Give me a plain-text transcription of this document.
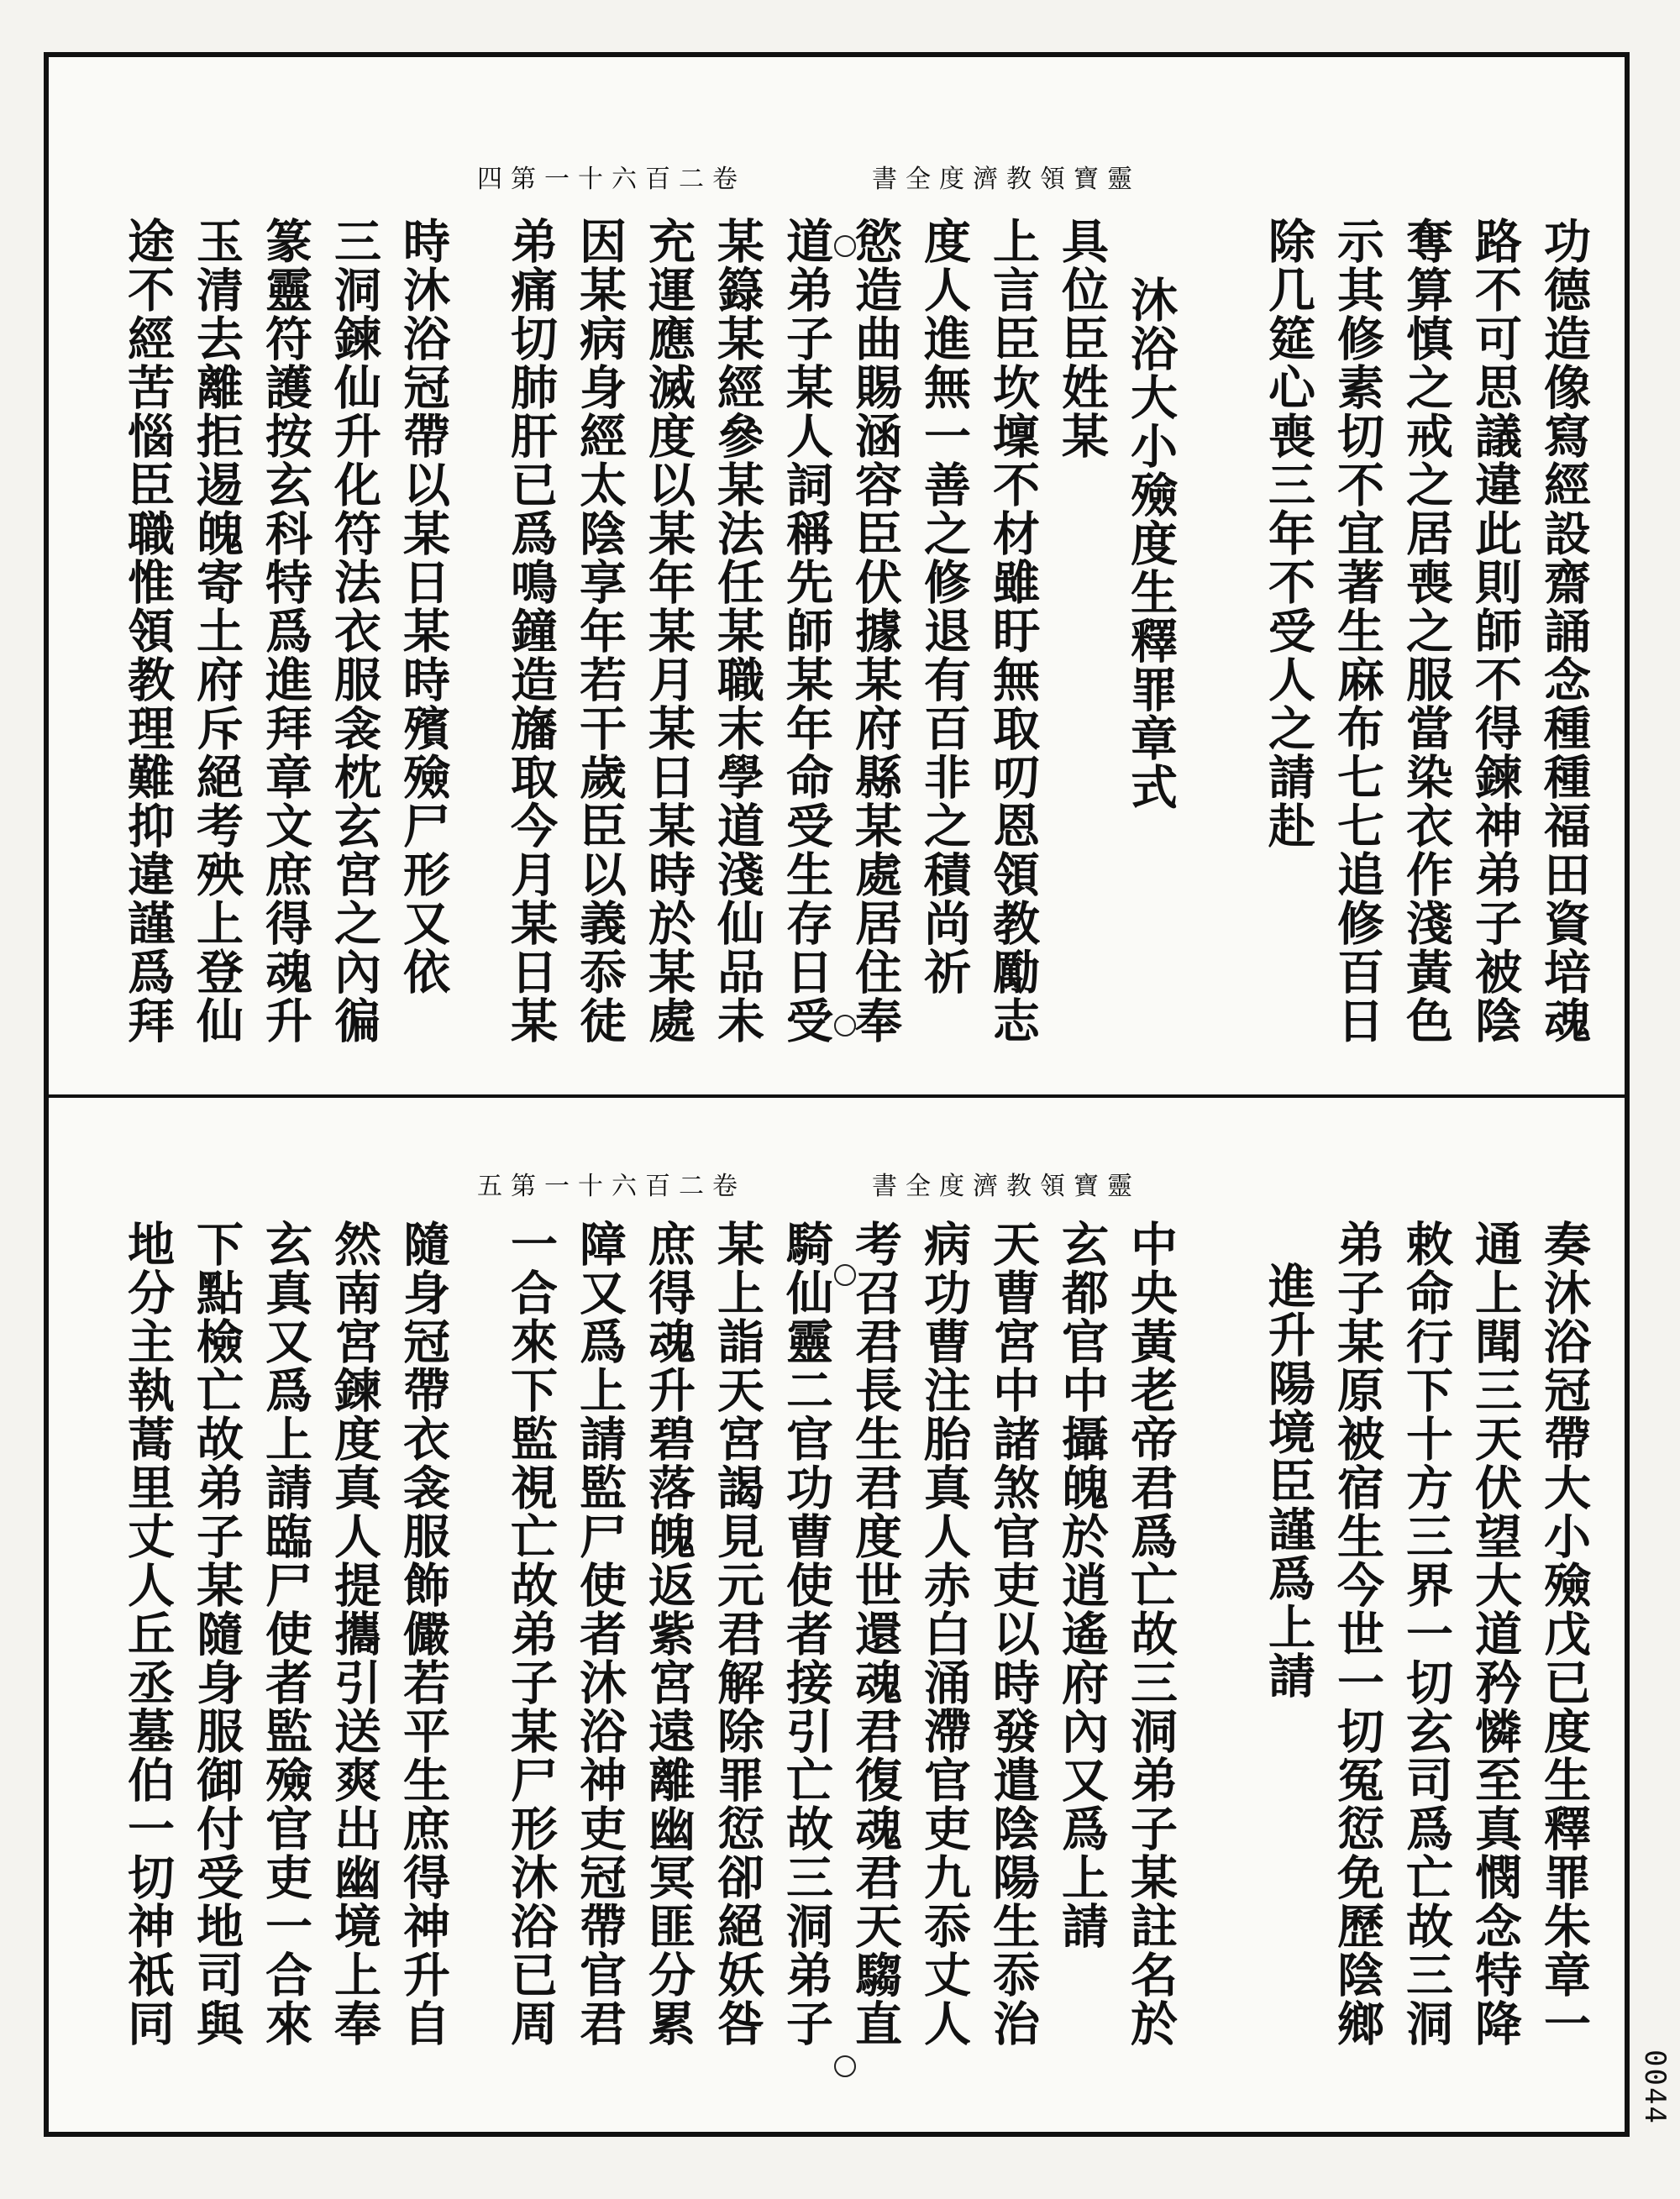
四第一十六百二卷	書全度濟教領寶靈
功德造像寫經設齋誦念種種福田資培魂
路不可思議違此則師不得鍊神弟子被陰
奪算慎之戒之居喪之服當染衣作淺黃色
示其修素切不宜著生麻布七七追修百日
除几筵心喪三年不受人之請赴
沐浴大小殮度生釋罪章式
具位臣姓某
上言臣坎壈不材雖盱無取叨恩領教勵志
度人進無一善之修退有百非之積尚祈
慾造曲賜涵容臣伏據某府縣某處居住奉
道弟子某人詞稱先師某年命受生存日受
某籙某經參某法任某職末學道淺仙品未
充運應滅度以某年某月某日某時於某處
因某病身經太陰享年若干歲臣以義忝徒
弟痛切肺肝已爲鳴鐘造旛取今月某日某
時沐浴冠帶以某日某時殯殮尸形又依
三洞鍊仙升化符法衣服衾枕玄宮之內徧
篆靈符護按玄科特爲進拜章文庶得魂升
玉清去離拒逷魄寄土府斥絕考殃上登仙
途不經苦惱臣職惟領教理難抑違謹爲拜
五第一十六百二卷	書全度濟教領寶靈
奏沐浴冠帶大小殮戊已度生釋罪朱章一
通上聞三天伏望大道矜憐至真憫念特降
敕命行下十方三界一切玄司爲亡故三洞
弟子某原被宿生今世一切冤愆免歷陰鄉
進升陽境臣謹爲上請
中央黃老帝君爲亡故三洞弟子某註名於
玄都官中攝魄於逍遙府內又爲上請
天曹宮中諸煞官吏以時發遣陰陽生忝治
病功曹注胎真人赤白涌滯官吏九忝丈人
考召君長生君度世還魂君復魂君天騶直
騎仙靈二官功曹使者接引亡故三洞弟子
某上詣天宮謁見元君解除罪愆卻絕妖咎
庶得魂升碧落魄返紫宮遠離幽冥匪分累
障又爲上請監尸使者沐浴神吏冠帶官君
一合來下監視亡故弟子某尸形沐浴已周
隨身冠帶衣衾服飾儼若平生庶得神升自
然南宮鍊度真人提攜引送爽出幽境上奉
玄真又爲上請臨尸使者監殮官吏一合來
下點檢亡故弟子某隨身服御付受地司與
地分主執蒿里丈人丘丞墓伯一切神祇同
0044
